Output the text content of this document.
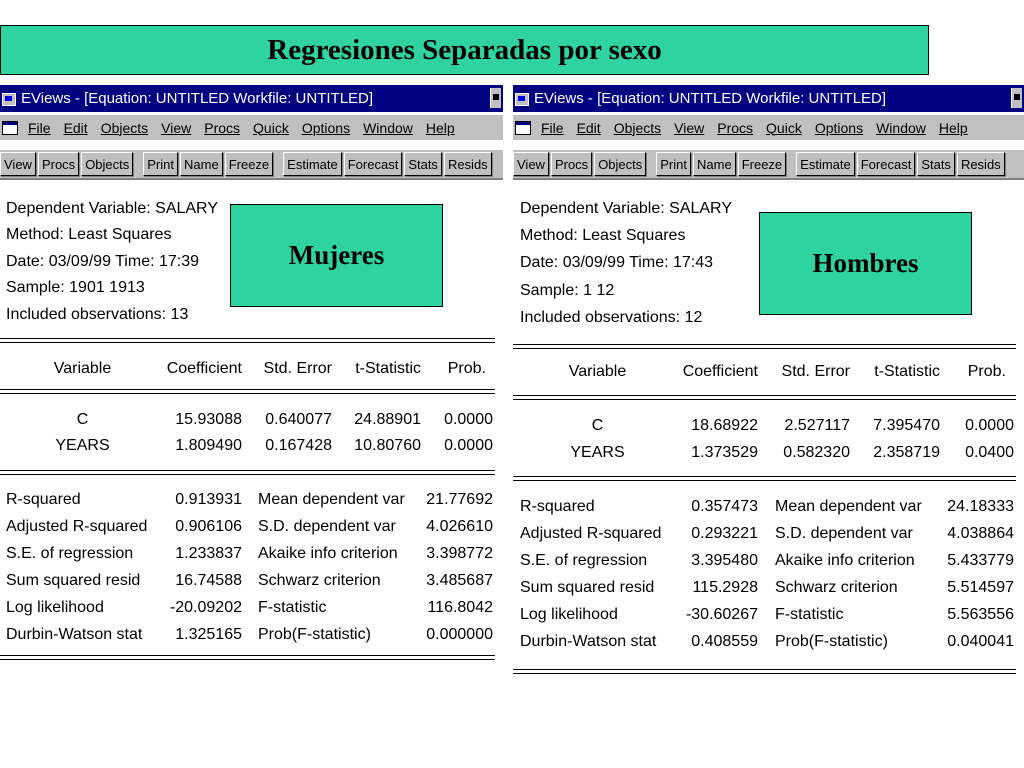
Regresiones Separadas por sexo
EViews - [Equation: UNTITLED Workfile: UNTITLED]
File Edit Objects View Procs Quick Options Window Help
View Procs Objects	Print Name Freeze	Estimate Forecast Stats Resids
Dependent Variable: SALARY
Method: Least Squares
Date: 03/09/99 Time: 17:39
Sample: 1901 1913
Included observations: 13
Mujeres
Variable	Coefficient	Std. Error	t-Statistic	Prob.
C	15.93088	0.640077	24.88901	0.0000
YEARS	1.809490	0.167428	10.80760	0.0000
R-squared	0.913931 Mean dependent var	21.77692
Adjusted R-squared	0.906106 S.D. dependent var	4.026610
S.E. of regression	1.233837 Akaike info criterion	3.398772
Sum squared resid	16.74588 Schwarz criterion	3.485687
Log likelihood	-20.09202 F-statistic	116.8042
Durbin-Watson stat	1.325165 Prob(F-statistic)	0.000000
EViews - [Equation: UNTITLED Workfile: UNTITLED]
File Edit Objects View Procs Quick Options Window Help
View Procs Objects	Print Name Freeze	Estimate Forecast Stats Resids
Dependent Variable: SALARY
Method: Least Squares
Date: 03/09/99 Time: 17:43
Sample: 1 12
Included observations: 12
Hombres
Variable	Coefficient	Std. Error	t-Statistic	Prob.
C	18.68922	2.527117	7.395470	0.0000
YEARS	1.373529	0.582320	2.358719	0.0400
R-squared	0.357473 Mean dependent var	24.18333
Adjusted R-squared	0.293221 S.D. dependent var	4.038864
S.E. of regression	3.395480 Akaike info criterion	5.433779
Sum squared resid	115.2928 Schwarz criterion	5.514597
Log likelihood	-30.60267 F-statistic	5.563556
Durbin-Watson stat	0.408559 Prob(F-statistic)	0.040041
